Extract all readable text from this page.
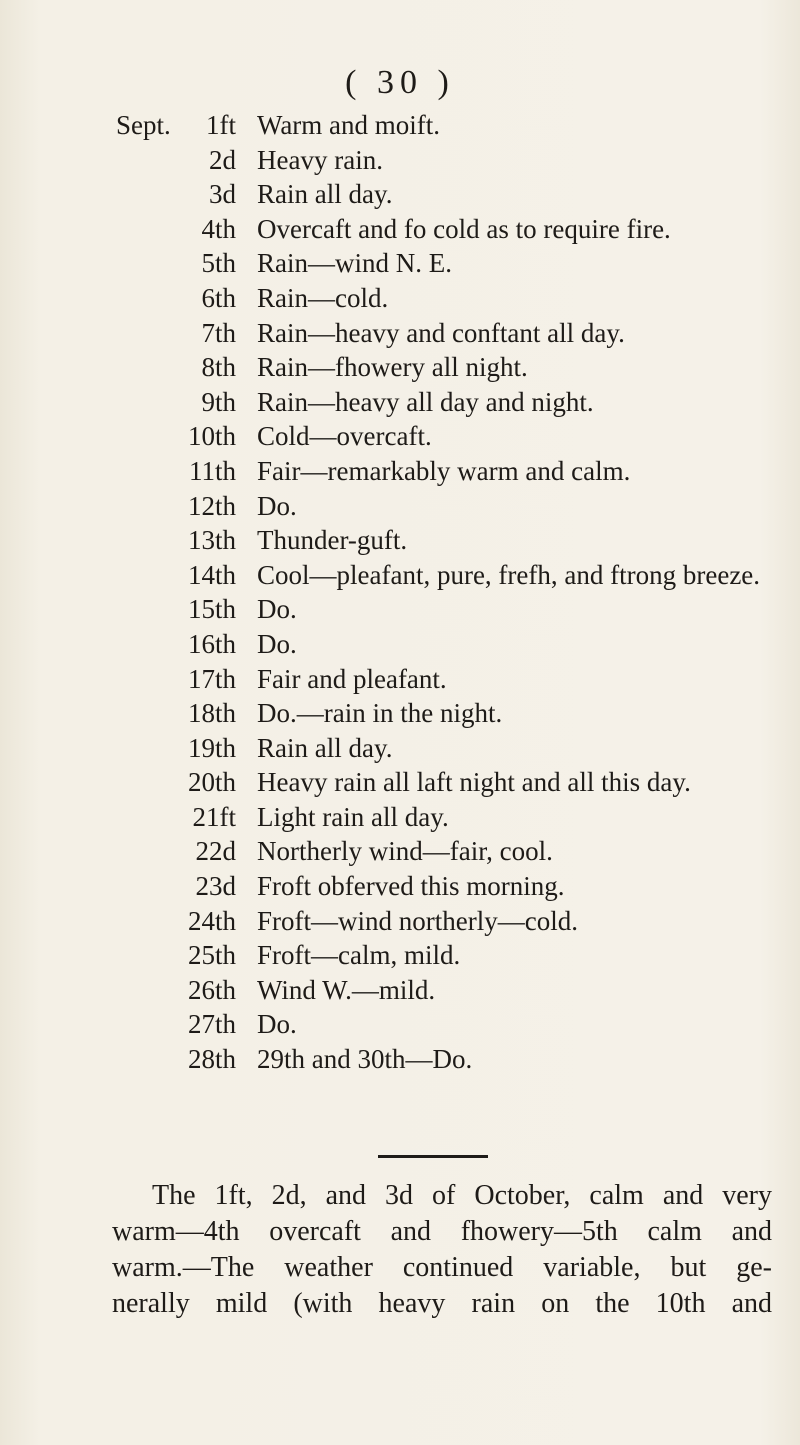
( 30 )
Sept. 1ft Warm and moift.
2d Heavy rain.
3d Rain all day.
4th Overcaft and fo cold as to require fire.
5th Rain—wind N. E.
6th Rain—cold.
7th Rain—heavy and conftant all day.
8th Rain—fhowery all night.
9th Rain—heavy all day and night.
10th Cold—overcaft.
11th Fair—remarkably warm and calm.
12th Do.
13th Thunder-guft.
14th Cool—pleafant, pure, frefh, and ftrong breeze.
15th Do.
16th Do.
17th Fair and pleafant.
18th Do.—rain in the night.
19th Rain all day.
20th Heavy rain all laft night and all this day.
21ft Light rain all day.
22d Northerly wind—fair, cool.
23d Froft obferved this morning.
24th Froft—wind northerly—cold.
25th Froft—calm, mild.
26th Wind W.—mild.
27th Do.
28th 29th and 30th—Do.
The 1ft, 2d, and 3d of October, calm and very
warm—4th overcaft and fhowery—5th calm and
warm.—The weather continued variable, but ge-
nerally mild (with heavy rain on the 10th and
